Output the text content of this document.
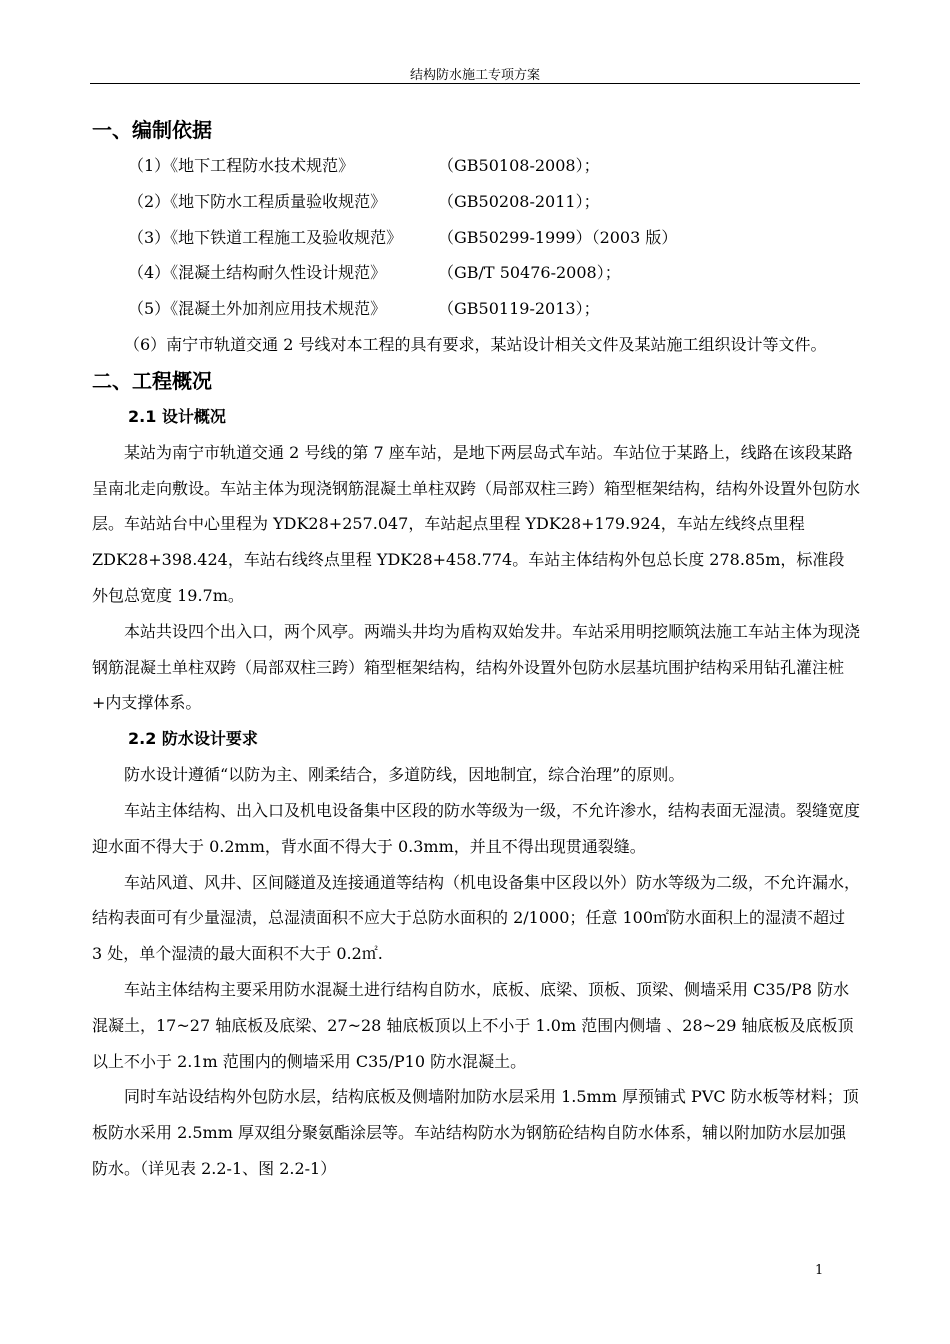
结构防水施工专项方案
一、编制依据
（1）《地下工程防水技术规范》	（GB50108-2008）；
（2）《地下防水工程质量验收规范》	（GB50208-2011）；
（3）《地下铁道工程施工及验收规范》	（GB50299-1999）（2003 版）
（4）《混凝土结构耐久性设计规范》	（GB/T 50476-2008）；
（5）《混凝土外加剂应用技术规范》	（GB50119-2013）；

（6）南宁市轨道交通 2 号线对本工程的具有要求，某站设计相关文件及某站施工组织设计等文件。

二、工程概况
2.1 设计概况

某站为南宁市轨道交通 2 号线的第 7 座车站，是地下两层岛式车站。车站位于某路上，线路在该段某路呈南北走向敷设。车站主体为现浇钢筋混凝土单柱双跨（局部双柱三跨）箱型框架结构，结构外设置外包防水层。车站站台中心里程为 YDK28+257.047，车站起点里程 YDK28+179.924，车站左线终点里程 ZDK28+398.424，车站右线终点里程 YDK28+458.774。车站主体结构外包总长度 278.85m，标准段外包总宽度 19.7m。

本站共设四个出入口，两个风亭。两端头井均为盾构双始发井。车站采用明挖顺筑法施工车站主体为现浇钢筋混凝土单柱双跨（局部双柱三跨）箱型框架结构，结构外设置外包防水层基坑围护结构采用钻孔灌注桩+内支撑体系。

2.2 防水设计要求

防水设计遵循“以防为主、刚柔结合，多道防线，因地制宜，综合治理”的原则。

车站主体结构、出入口及机电设备集中区段的防水等级为一级，不允许渗水，结构表面无湿渍。裂缝宽度迎水面不得大于 0.2mm，背水面不得大于 0.3mm，并且不得出现贯通裂缝。

车站风道、风井、区间隧道及连接通道等结构（机电设备集中区段以外）防水等级为二级，不允许漏水，结构表面可有少量湿渍，总湿渍面积不应大于总防水面积的 2/1000；任意 100㎡防水面积上的湿渍不超过 3 处，单个湿渍的最大面积不大于 0.2㎡.

车站主体结构主要采用防水混凝土进行结构自防水，底板、底梁、顶板、顶梁、侧墙采用 C35/P8 防水混凝土，17~27 轴底板及底梁、27~28 轴底板顶以上不小于 1.0m 范围内侧墙 、28~29 轴底板及底板顶以上不小于 2.1m 范围内的侧墙采用 C35/P10 防水混凝土。

同时车站设结构外包防水层，结构底板及侧墙附加防水层采用 1.5mm 厚预铺式 PVC 防水板等材料；顶板防水采用 2.5mm 厚双组分聚氨酯涂层等。车站结构防水为钢筋砼结构自防水体系，辅以附加防水层加强防水。（详见表 2.2-1、图 2.2-1）

1
